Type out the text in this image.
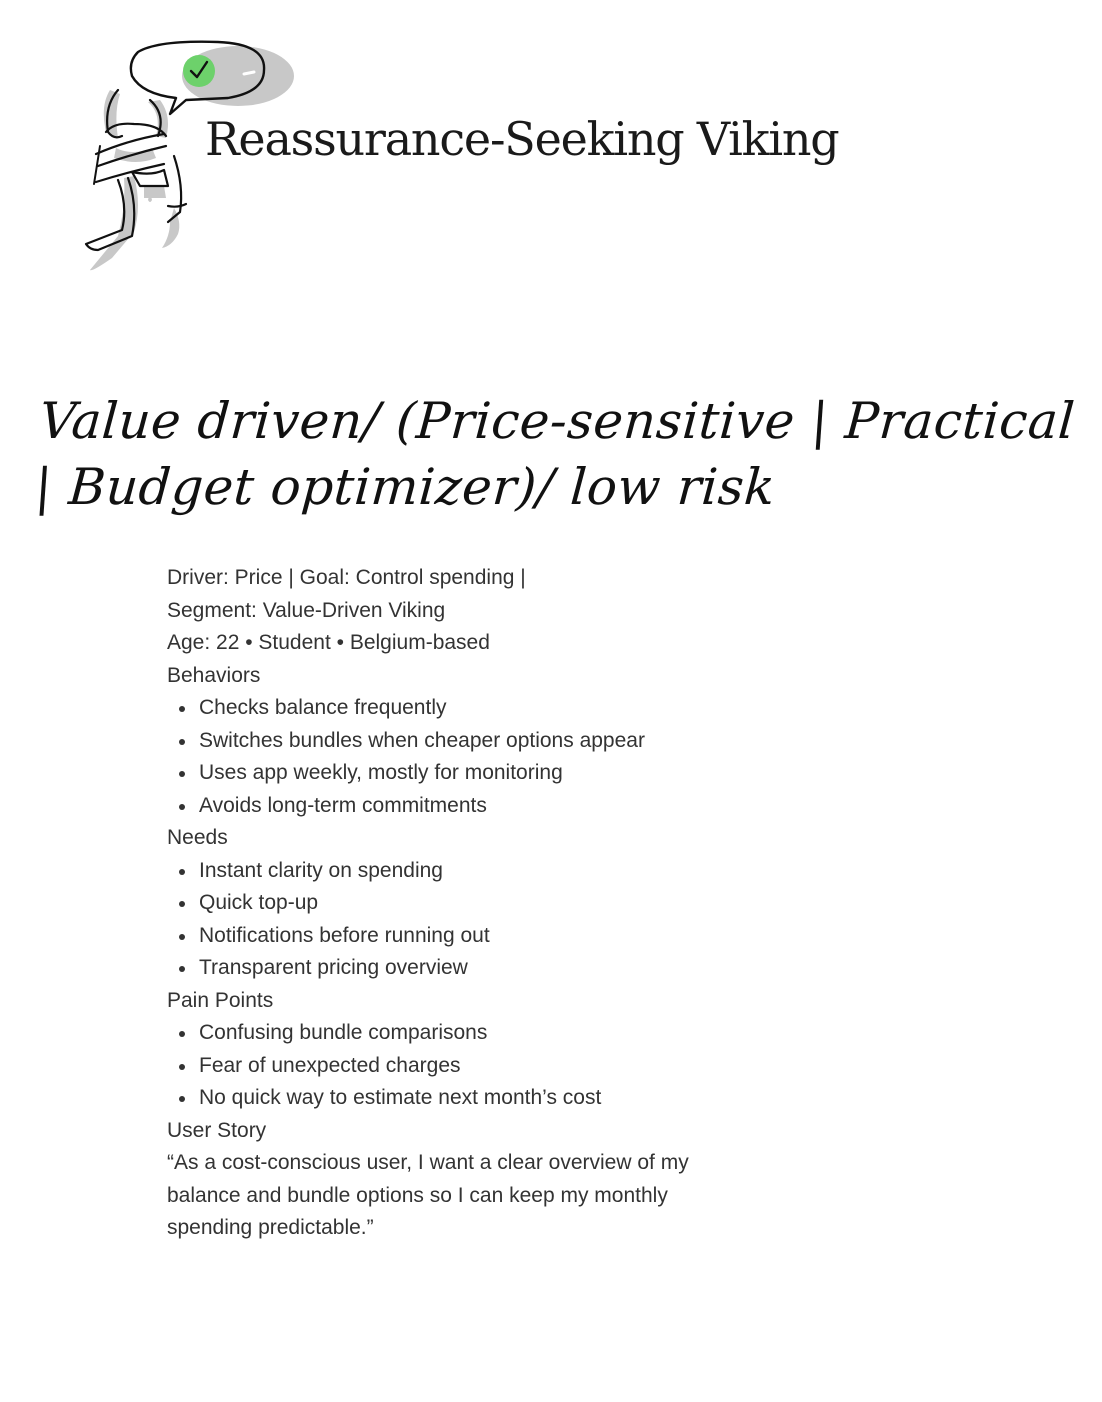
Reassurance-Seeking Viking
Value driven/ (Price-sensitive | Practical | Budget optimizer)/ low risk

Driver: Price | Goal: Control spending |

Segment: Value-Driven Viking

Age: 22 • Student • Belgium-based

Behaviors

Checks balance frequently
Switches bundles when cheaper options appear
Uses app weekly, mostly for monitoring
Avoids long-term commitments

Needs

Instant clarity on spending
Quick top-up
Notifications before running out
Transparent pricing overview

Pain Points

Confusing bundle comparisons
Fear of unexpected charges
No quick way to estimate next month’s cost

User Story

“As a cost-conscious user, I want a clear overview of my balance and bundle options so I can keep my monthly spending predictable.”
